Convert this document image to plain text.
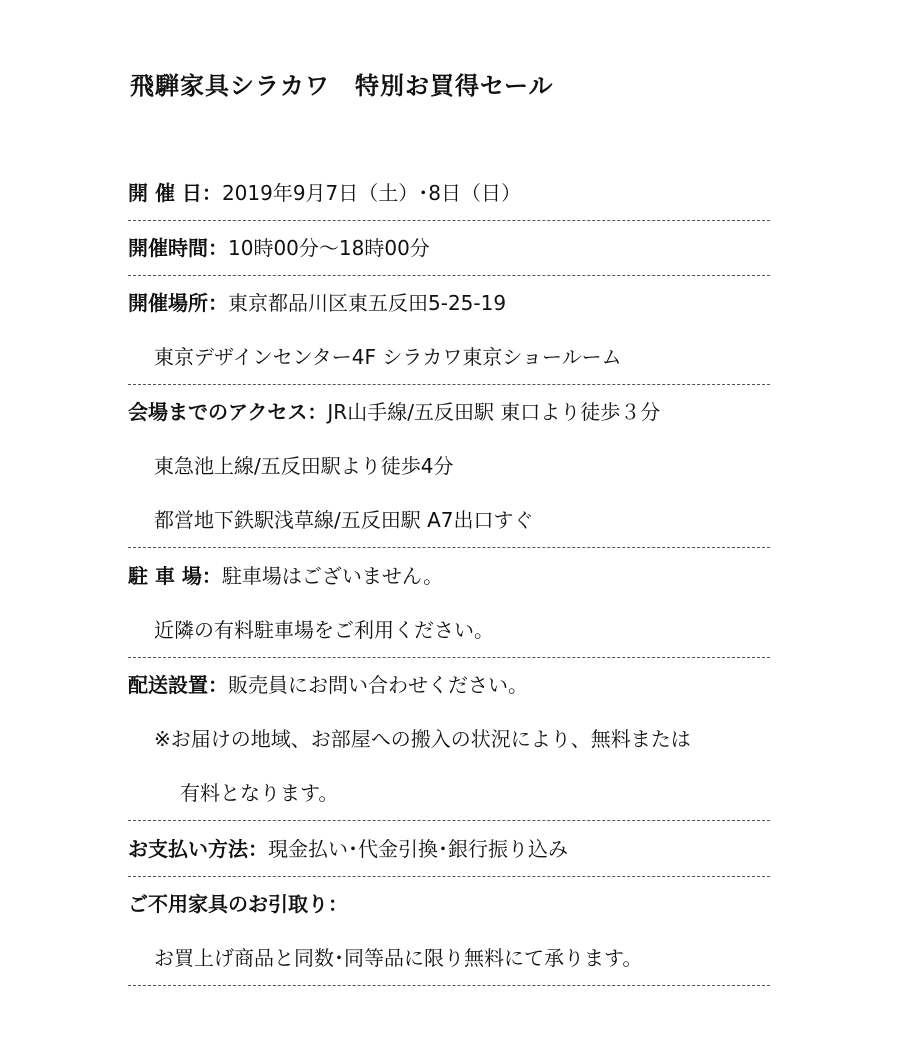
飛騨家具シラカワ　特別お買得セール
開 催 日：2019年9月7日（土）･8日（日）
開催時間：10時00分～18時00分
開催場所：東京都品川区東五反田5-25-19
東京デザインセンター4F シラカワ東京ショールーム
会場までのアクセス：JR山手線/五反田駅 東口より徒歩３分
東急池上線/五反田駅より徒歩4分
都営地下鉄駅浅草線/五反田駅 A7出口すぐ
駐 車 場：駐車場はございません。
近隣の有料駐車場をご利用ください。
配送設置：販売員にお問い合わせください。
※お届けの地域、お部屋への搬入の状況により、無料または
有料となります。
お支払い方法：現金払い･代金引換･銀行振り込み
ご不用家具のお引取り：
お買上げ商品と同数･同等品に限り無料にて承ります。
